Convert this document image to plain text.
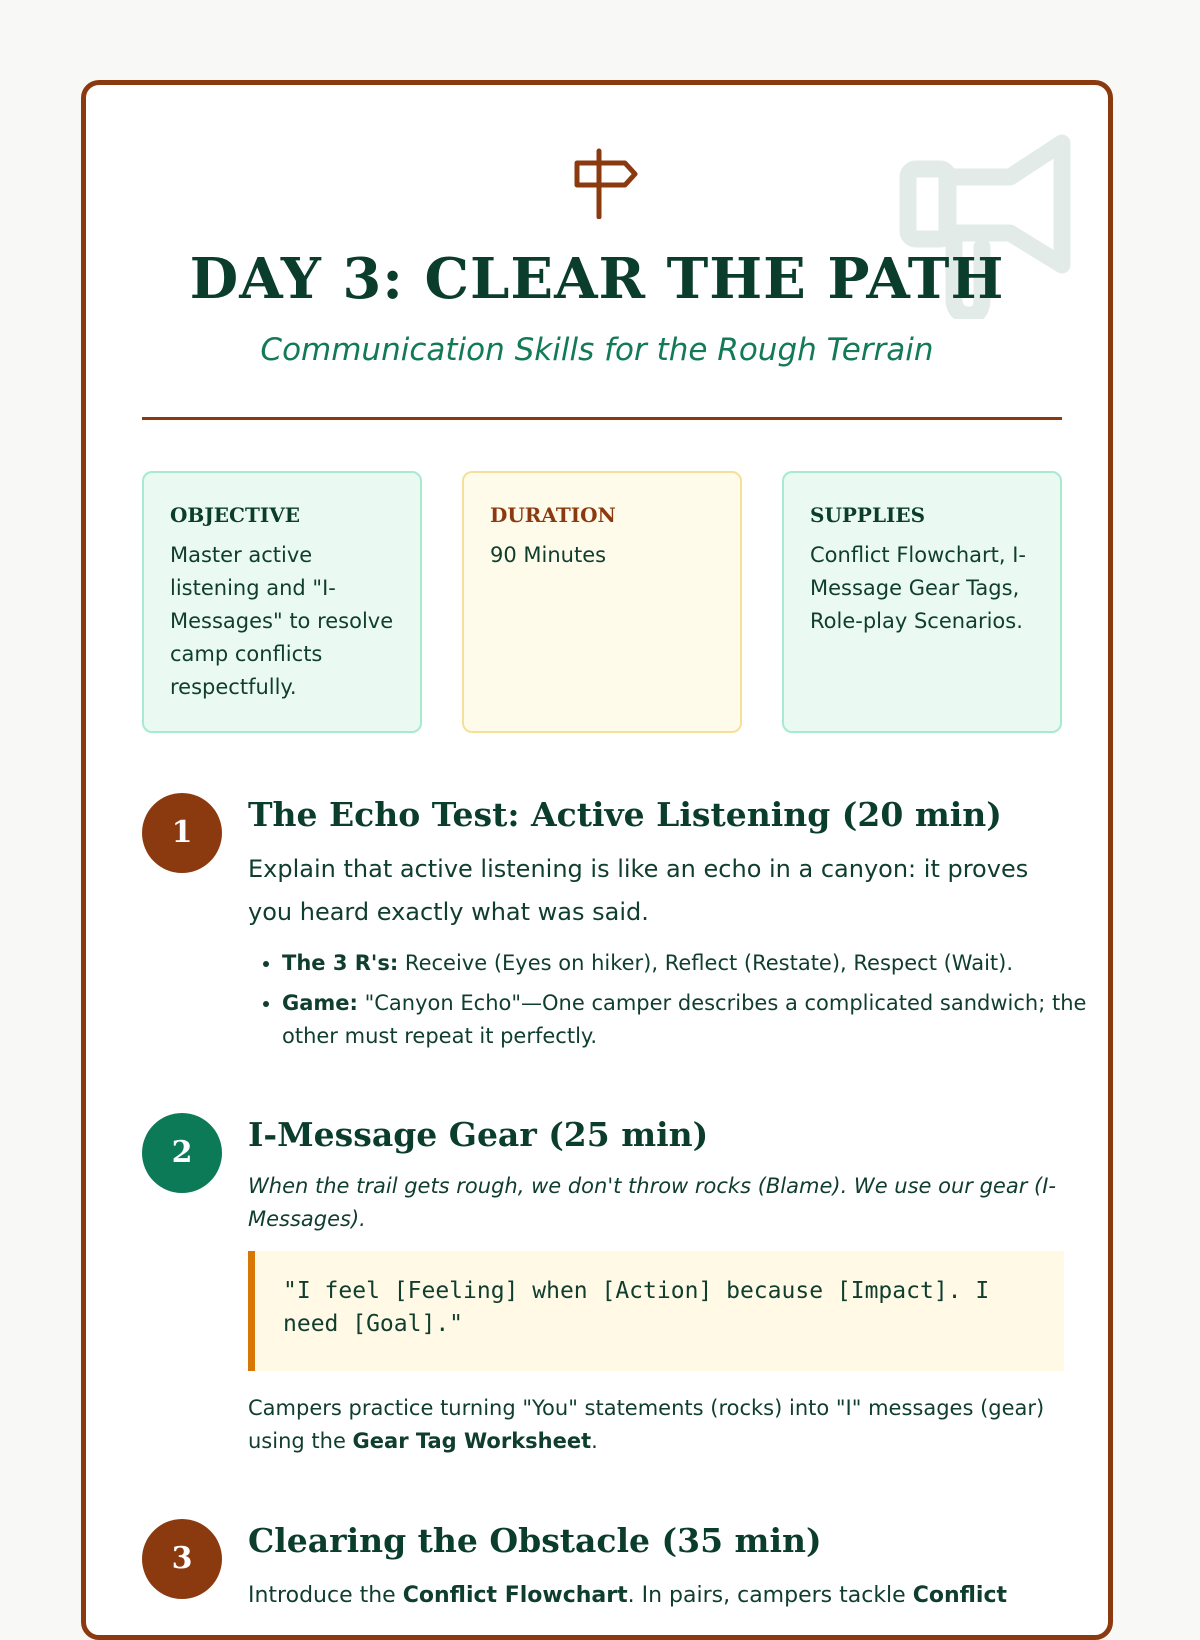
DAY 3: CLEAR THE PATH
Communication Skills for the Rough Terrain
OBJECTIVE
Master active listening and "I-Messages" to resolve camp conflicts respectfully.
DURATION
90 Minutes
SUPPLIES
Conflict Flowchart, I-Message Gear Tags, Role-play Scenarios.
1	The Echo Test: Active Listening (20 min)
Explain that active listening is like an echo in a canyon: it proves you heard exactly what was said.
• The 3 R's: Receive (Eyes on hiker), Reflect (Restate), Respect (Wait).
• Game: "Canyon Echo"—One camper describes a complicated sandwich; the other must repeat it perfectly.
2	I-Message Gear (25 min)
When the trail gets rough, we don't throw rocks (Blame). We use our gear (I-Messages).
"I feel [Feeling] when [Action] because [Impact]. I need [Goal]."
Campers practice turning "You" statements (rocks) into "I" messages (gear) using the Gear Tag Worksheet.
3	Clearing the Obstacle (35 min)
Introduce the Conflict Flowchart. In pairs, campers tackle Conflict
